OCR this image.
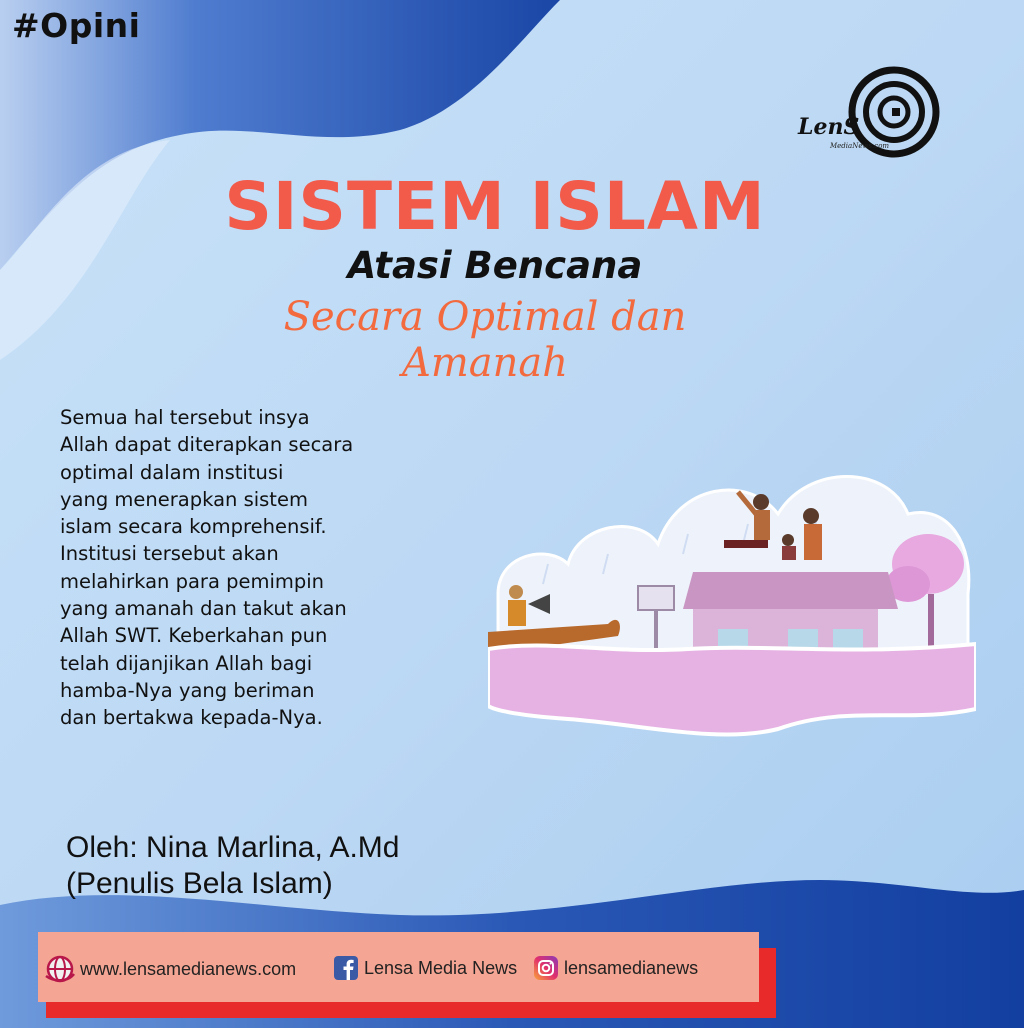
#Opini
LenS
MediaNews.com
SISTEM ISLAM
Atasi Bencana
Secara Optimal dan
Amanah
Semua hal tersebut insya
Allah dapat diterapkan secara
optimal dalam institusi
yang menerapkan sistem
islam secara komprehensif.
Institusi tersebut akan
melahirkan para pemimpin
yang amanah dan takut akan
Allah SWT. Keberkahan pun
telah dijanjikan Allah bagi
hamba-Nya yang beriman
dan bertakwa kepada-Nya.
Oleh: Nina Marlina, A.Md
(Penulis Bela Islam)
www.lensamedianews.com	Lensa Media News	lensamedianews
